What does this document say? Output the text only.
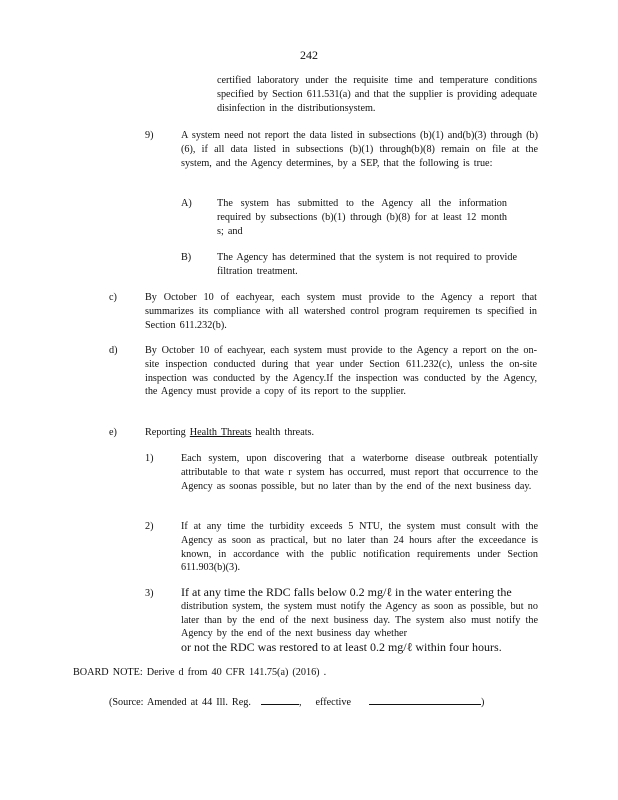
242
certified laboratory under the requisite time and temperature conditions specified by Section 611.531(a) and that the supplier is providing adequate disinfection in the distributionsystem.
9)	A system need not report the data listed in subsections (b)(1) and(b)(3) through (b)(6), if all data listed in subsections (b)(1) through(b)(8) remain on file at the system, and the Agency determines, by a SEP, that the following is true:
A) The system has submitted to the Agency all the information required by subsections (b)(1) through (b)(8) for at least 12 month s; and
B)	The Agency has determined that the system is not required to provide filtration treatment.
c)	By October 10 of eachyear, each system must provide to the Agency a report that summarizes its compliance with all watershed control program requiremen ts specified in Section 611.232(b).
d)	By October 10 of eachyear, each system must provide to the Agency a report on the on-site inspection conducted during that year under Section 611.232(c), unless the on-site inspection was conducted by the Agency.If the inspection was conducted by the Agency, the Agency must provide a copy of its report to the supplier.
e)	Reporting Health Threats health threats.
1)	Each system, upon discovering that a waterborne disease outbreak potentially attributable to that wate r system has occurred, must report that occurrence to the Agency as soonas possible, but no later than by the end of the next business day.
2)	If at any time the turbidity exceeds 5 NTU, the system must consult with the Agency as soon as practical, but no later than 24 hours after the exceedance is known, in accordance with the public notification requirements under Section 611.903(b)(3).
3) If at any time the RDC falls below 0.2 mg/ℓ in the water entering the
distribution system, the system must notify the Agency as soon as possible, but no later than by the end of the next business day. The system also must notify the Agency by the end of the next business day whether
or not the RDC was restored to at least 0.2 mg/ℓ within four hours.
BOARD NOTE: Derive d from 40 CFR 141.75(a) (2016) .
(Source: Amended at 44 Ill. Reg.	, effective	)
